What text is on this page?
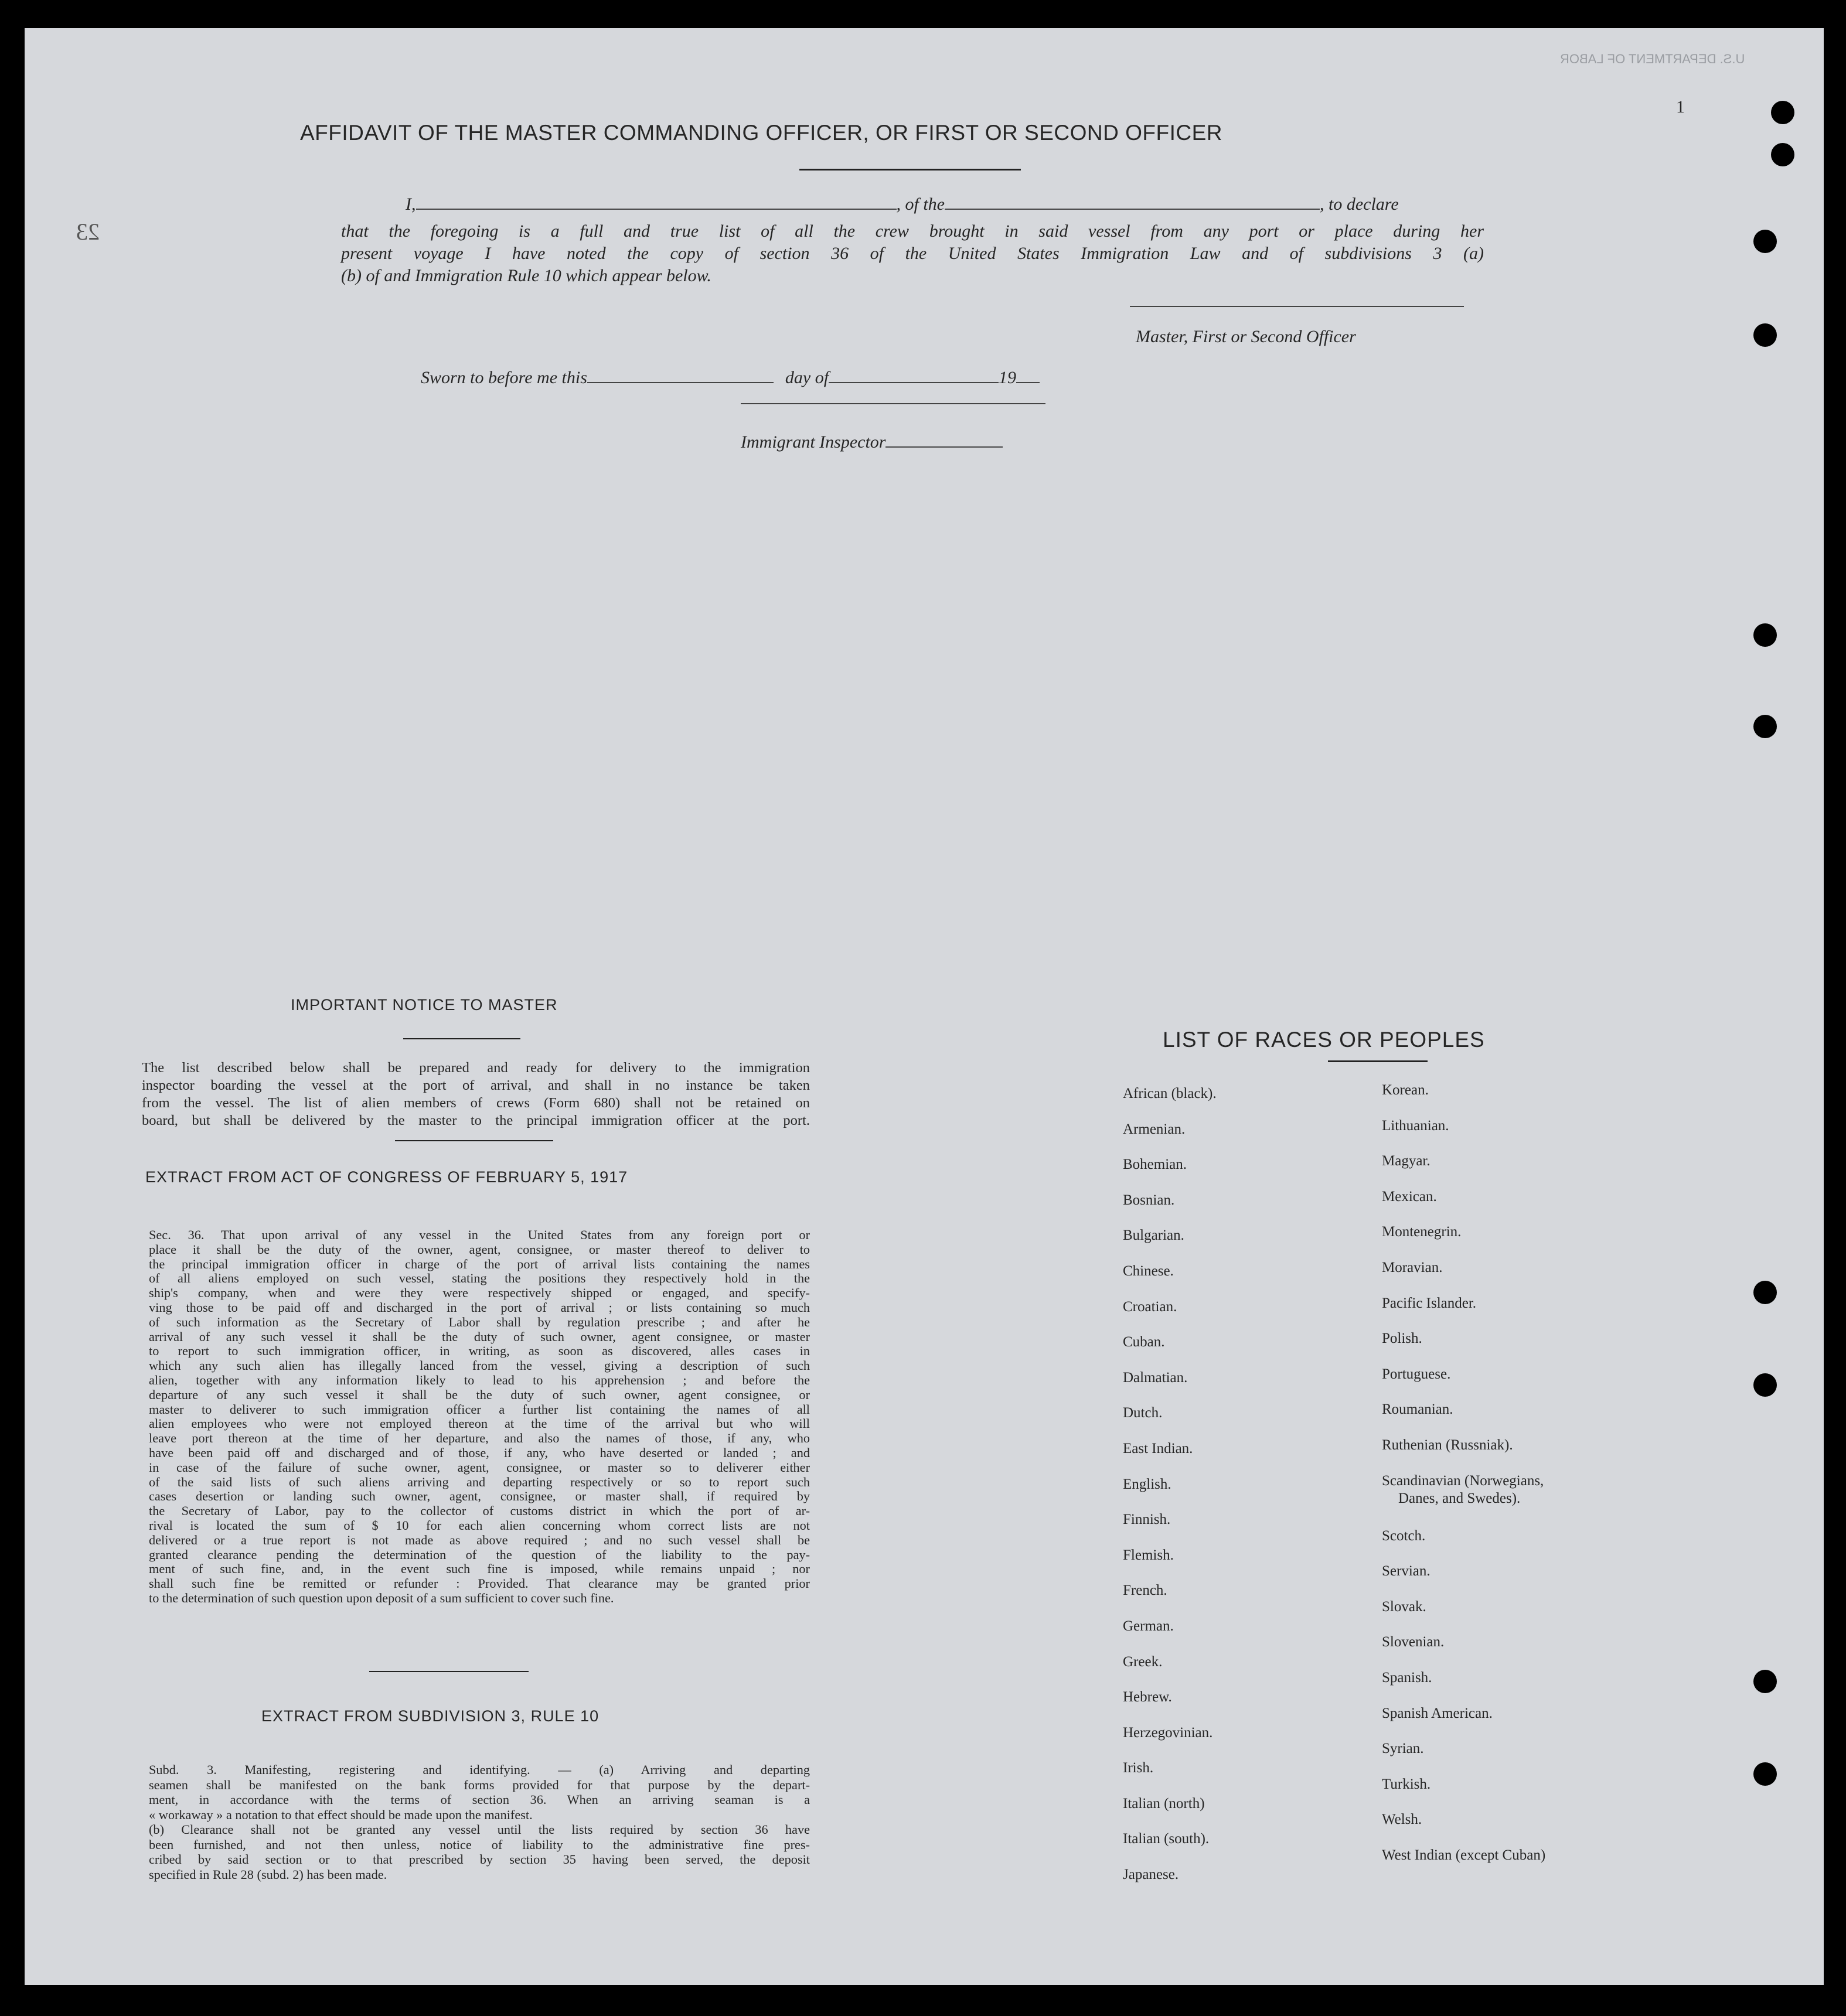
U.S. DEPARTMENT OF LABOR
1
23
AFFIDAVIT OF THE MASTER COMMANDING OFFICER, OR FIRST OR SECOND OFFICER
I,	, of the	, to declare
that the foregoing is a full and true list of all the crew brought in said vessel from any port or place during her
present voyage I have noted the copy of section 36 of the United States Immigration Law and of subdivisions 3 (a)
(b) of and Immigration Rule 10 which appear below.
Master, First or Second Officer
Sworn to before me this	day of	19
Immigrant Inspector
IMPORTANT NOTICE TO MASTER
The list described below shall be prepared and ready for delivery to the immigration
inspector boarding the vessel at the port of arrival, and shall in no instance be taken
from the vessel. The list of alien members of crews (Form 680) shall not be retained on
board, but shall be delivered by the master to the principal immigration officer at the port.
EXTRACT FROM ACT OF CONGRESS OF FEBRUARY 5, 1917
Sec. 36. That upon arrival of any vessel in the United States from any foreign port or
place it shall be the duty of the owner, agent, consignee, or master thereof to deliver to
the principal immigration officer in charge of the port of arrival lists containing the names
of all aliens employed on such vessel, stating the positions they respectively hold in the
ship's company, when and were they were respectively shipped or engaged, and specify-
ving those to be paid off and discharged in the port of arrival ; or lists containing so much
of such information as the Secretary of Labor shall by regulation prescribe ; and after he
arrival of any such vessel it shall be the duty of such owner, agent consignee, or master
to report to such immigration officer, in writing, as soon as discovered, alles cases in
which any such alien has illegally lanced from the vessel, giving a description of such
alien, together with any information likely to lead to his apprehension ; and before the
departure of any such vessel it shall be the duty of such owner, agent consignee, or
master to deliverer to such immigration officer a further list containing the names of all
alien employees who were not employed thereon at the time of the arrival but who will
leave port thereon at the time of her departure, and also the names of those, if any, who
have been paid off and discharged and of those, if any, who have deserted or landed ; and
in case of the failure of suche owner, agent, consignee, or master so to deliverer either
of the said lists of such aliens arriving and departing respectively or so to report such
cases desertion or landing such owner, agent, consignee, or master shall, if required by
the Secretary of Labor, pay to the collector of customs district in which the port of ar-
rival is located the sum of $ 10 for each alien concerning whom correct lists are not
delivered or a true report is not made as above required ; and no such vessel shall be
granted clearance pending the determination of the question of the liability to the pay-
ment of such fine, and, in the event such fine is imposed, while remains unpaid ; nor
shall such fine be remitted or refunder : Provided. That clearance may be granted prior
to the determination of such question upon deposit of a sum sufficient to cover such fine.
EXTRACT FROM SUBDIVISION 3, RULE 10
Subd. 3. Manifesting, registering and identifying. — (a) Arriving and departing
seamen shall be manifested on the bank forms provided for that purpose by the depart-
ment, in accordance with the terms of section 36. When an arriving seaman is a
« workaway » a notation to that effect should be made upon the manifest.
(b) Clearance shall not be granted any vessel until the lists required by section 36 have
been furnished, and not then unless, notice of liability to the administrative fine pres-
cribed by said section or to that prescribed by section 35 having been served, the deposit
specified in Rule 28 (subd. 2) has been made.
LIST OF RACES OR PEOPLES
African (black).
Armenian.
Bohemian.
Bosnian.
Bulgarian.
Chinese.
Croatian.
Cuban.
Dalmatian.
Dutch.
East Indian.
English.
Finnish.
Flemish.
French.
German.
Greek.
Hebrew.
Herzegovinian.
Irish.
Italian (north)
Italian (south).
Japanese.
Korean.
Lithuanian.
Magyar.
Mexican.
Montenegrin.
Moravian.
Pacific Islander.
Polish.
Portuguese.
Roumanian.
Ruthenian (Russniak).
Scandinavian (Norwegians,
Danes, and Swedes).
Scotch.
Servian.
Slovak.
Slovenian.
Spanish.
Spanish American.
Syrian.
Turkish.
Welsh.
West Indian (except Cuban)
